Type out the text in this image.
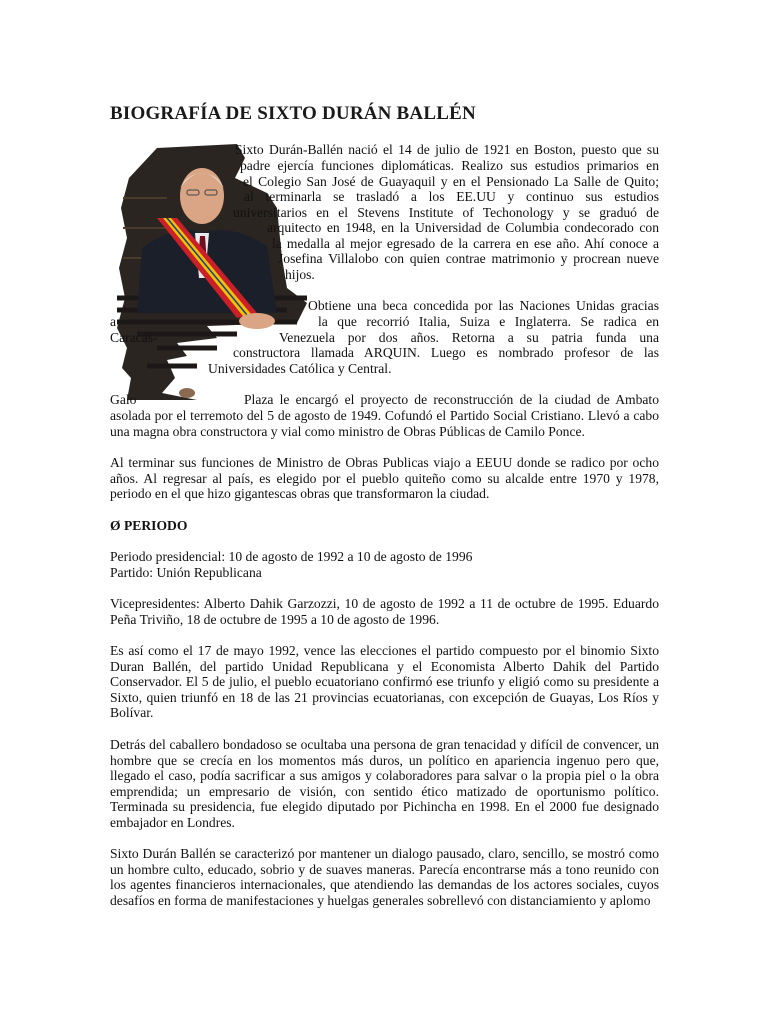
BIOGRAFÍA DE SIXTO DURÁN BALLÉN
Sixto Durán-Ballén nació el 14 de julio de 1921 en Boston, puesto que su
padre ejercía funciones diplomáticas. Realizo sus estudios primarios en
el Colegio San José de Guayaquil y en el Pensionado La Salle de Quito;
al terminarla se trasladó a los EE.UU y continuo sus estudios
universitarios en el Stevens Institute of Techonology y se graduó de
arquitecto en 1948, en la Universidad de Columbia condecorado con
la medalla al mejor egresado de la carrera en ese año. Ahí conoce a
Josefina Villalobo con quien contrae matrimonio y procrean nueve
hijos.
Obtiene una beca concedida por las Naciones Unidas gracias
a	la que recorrió Italia, Suiza e Inglaterra. Se radica en
Caracas-	Venezuela por dos años. Retorna a su patria funda una
constructora llamada ARQUIN. Luego es nombrado profesor de las
Universidades Católica y Central.
Galo	Plaza le encargó el proyecto de reconstrucción de la ciudad de Ambato
asolada por el terremoto del 5 de agosto de 1949. Cofundó el Partido Social Cristiano. Llevó a cabo una magna obra constructora y vial como ministro de Obras Públicas de Camilo Ponce.
Al terminar sus funciones de Ministro de Obras Publicas viajo a EEUU donde se radico por ocho años. Al regresar al país, es elegido por el pueblo quiteño como su alcalde entre 1970 y 1978, periodo en el que hizo gigantescas obras que transformaron la ciudad.
Ø PERIODO
Periodo presidencial: 10 de agosto de 1992 a 10 de agosto de 1996
Partido: Unión Republicana
Vicepresidentes: Alberto Dahik Garzozzi, 10 de agosto de 1992 a 11 de octubre de 1995. Eduardo Peña Triviño, 18 de octubre de 1995 a 10 de agosto de 1996.
Es así como el 17 de mayo 1992, vence las elecciones el partido compuesto por el binomio Sixto Duran Ballén, del partido Unidad Republicana y el Economista Alberto Dahik del Partido Conservador. El 5 de julio, el pueblo ecuatoriano confirmó ese triunfo y eligió como su presidente a Sixto, quien triunfó en 18 de las 21 provincias ecuatorianas, con excepción de Guayas, Los Ríos y Bolívar.
Detrás del caballero bondadoso se ocultaba una persona de gran tenacidad y difícil de convencer, un hombre que se crecía en los momentos más duros, un político en apariencia ingenuo pero que, llegado el caso, podía sacrificar a sus amigos y colaboradores para salvar o la propia piel o la obra emprendida; un empresario de visión, con sentido ético matizado de oportunismo político. Terminada su presidencia, fue elegido diputado por Pichincha en 1998. En el 2000 fue designado embajador en Londres.
Sixto Durán Ballén se caracterizó por mantener un dialogo pausado, claro, sencillo, se mostró como un hombre culto, educado, sobrio y de suaves maneras. Parecía encontrarse más a tono reunido con los agentes financieros internacionales, que atendiendo las demandas de los actores sociales, cuyos desafíos en forma de manifestaciones y huelgas generales sobrellevó con distanciamiento y aplomo
